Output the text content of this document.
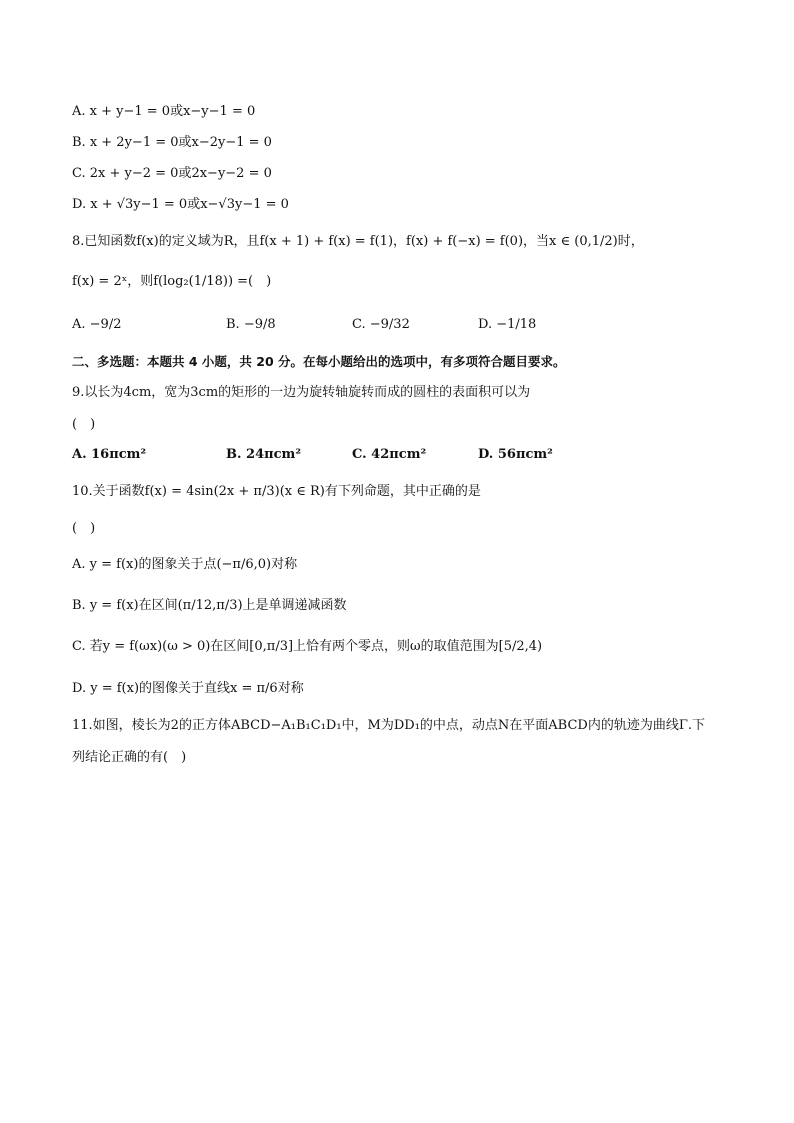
A. x + y−1 = 0或x−y−1 = 0
B. x + 2y−1 = 0或x−2y−1 = 0
C. 2x + y−2 = 0或2x−y−2 = 0
D. x + √3y−1 = 0或x−√3y−1 = 0
8.已知函数f(x)的定义域为R，且f(x + 1) + f(x) = f(1)，f(x) + f(−x) = f(0)，当x ∈ (0,1/2)时，
f(x) = 2ˣ，则f(log₂(1/18)) =(　)
A. −9/2	B. −9/8	C. −9/32	D. −1/18
二、多选题：本题共 4 小题，共 20 分。在每小题给出的选项中，有多项符合题目要求。
9.以长为4cm，宽为3cm的矩形的一边为旋转轴旋转而成的圆柱的表面积可以为
(　)
A. 16πcm²	B. 24πcm²	C. 42πcm²	D. 56πcm²
10.关于函数f(x) = 4sin(2x + π/3)(x ∈ R)有下列命题，其中正确的是
(　)
A. y = f(x)的图象关于点(−π/6,0)对称
B. y = f(x)在区间(π/12,π/3)上是单调递减函数
C. 若y = f(ωx)(ω > 0)在区间[0,π/3]上恰有两个零点，则ω的取值范围为[5/2,4)
D. y = f(x)的图像关于直线x = π/6对称
11.如图，棱长为2的正方体ABCD−A₁B₁C₁D₁中，M为DD₁的中点，动点N在平面ABCD内的轨迹为曲线Γ.下
列结论正确的有(　)
